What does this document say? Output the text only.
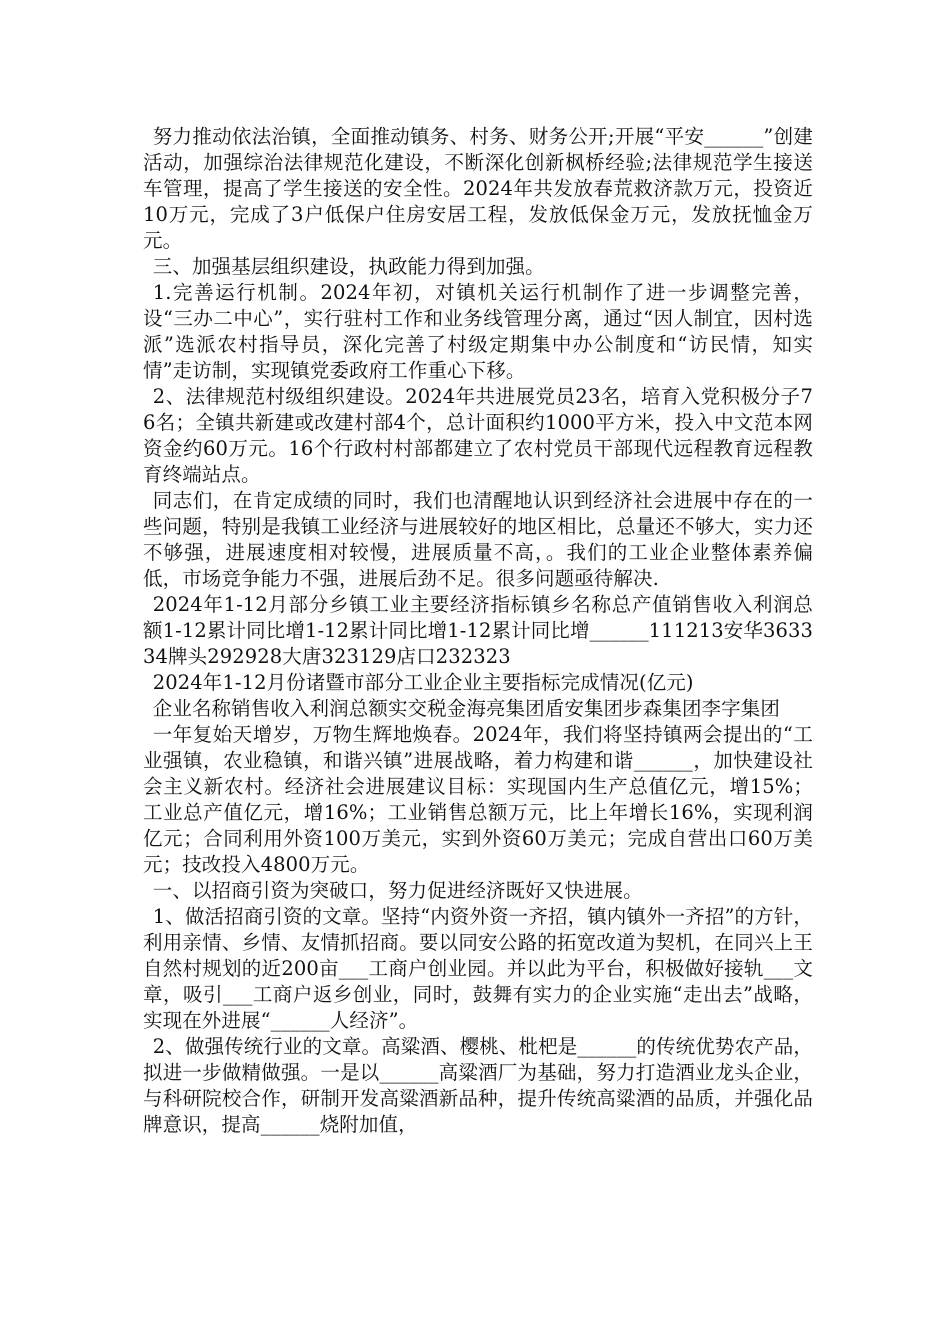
努力推动依法治镇，全面推动镇务、村务、财务公开;开展“平安______”创建活动，加强综治法律规范化建设，不断深化创新枫桥经验;法律规范学生接送车管理，提高了学生接送的安全性。2024年共发放春荒救济款万元，投资近10万元，完成了3户低保户住房安居工程，发放低保金万元，发放抚恤金万元。

三、加强基层组织建设，执政能力得到加强。

1.完善运行机制。2024年初，对镇机关运行机制作了进一步调整完善，设“三办二中心”，实行驻村工作和业务线管理分离，通过“因人制宜，因村选派”选派农村指导员，深化完善了村级定期集中办公制度和“访民情，知实情”走访制，实现镇党委政府工作重心下移。

2、法律规范村级组织建设。2024年共进展党员23名，培育入党积极分子76名；全镇共新建或改建村部4个，总计面积约1000平方米，投入中文范本网资金约60万元。16个行政村村部都建立了农村党员干部现代远程教育远程教育终端站点。

同志们，在肯定成绩的同时，我们也清醒地认识到经济社会进展中存在的一些问题，特别是我镇工业经济与进展较好的地区相比，总量还不够大，实力还不够强，进展速度相对较慢，进展质量不高，。我们的工业企业整体素养偏低，市场竞争能力不强，进展后劲不足。很多问题亟待解决.

2024年1-12月部分乡镇工业主要经济指标镇乡名称总产值销售收入利润总额1-12累计同比增1-12累计同比增1-12累计同比增______111213安华363334牌头292928大唐323129店口232323

2024年1-12月份诸暨市部分工业企业主要指标完成情况(亿元)

企业名称销售收入利润总额实交税金海亮集团盾安集团步森集团李字集团

一年复始天增岁，万物生辉地焕春。2024年，我们将坚持镇两会提出的“工业强镇，农业稳镇，和谐兴镇”进展战略，着力构建和谐______，加快建设社会主义新农村。经济社会进展建议目标：实现国内生产总值亿元，增15%；工业总产值亿元，增16%；工业销售总额万元，比上年增长16%，实现利润亿元；合同利用外资100万美元，实到外资60万美元；完成自营出口60万美元；技改投入4800万元。

一、以招商引资为突破口，努力促进经济既好又快进展。

1、做活招商引资的文章。坚持“内资外资一齐招，镇内镇外一齐招”的方针，利用亲情、乡情、友情抓招商。要以同安公路的拓宽改道为契机，在同兴上王自然村规划的近200亩___工商户创业园。并以此为平台，积极做好接轨___文章，吸引___工商户返乡创业，同时，鼓舞有实力的企业实施“走出去”战略，实现在外进展“______人经济”。

2、做强传统行业的文章。高粱酒、樱桃、枇杷是______的传统优势农产品，拟进一步做精做强。一是以______高粱酒厂为基础，努力打造酒业龙头企业，与科研院校合作，研制开发高粱酒新品种，提升传统高粱酒的品质，并强化品牌意识，提高______烧附加值，
